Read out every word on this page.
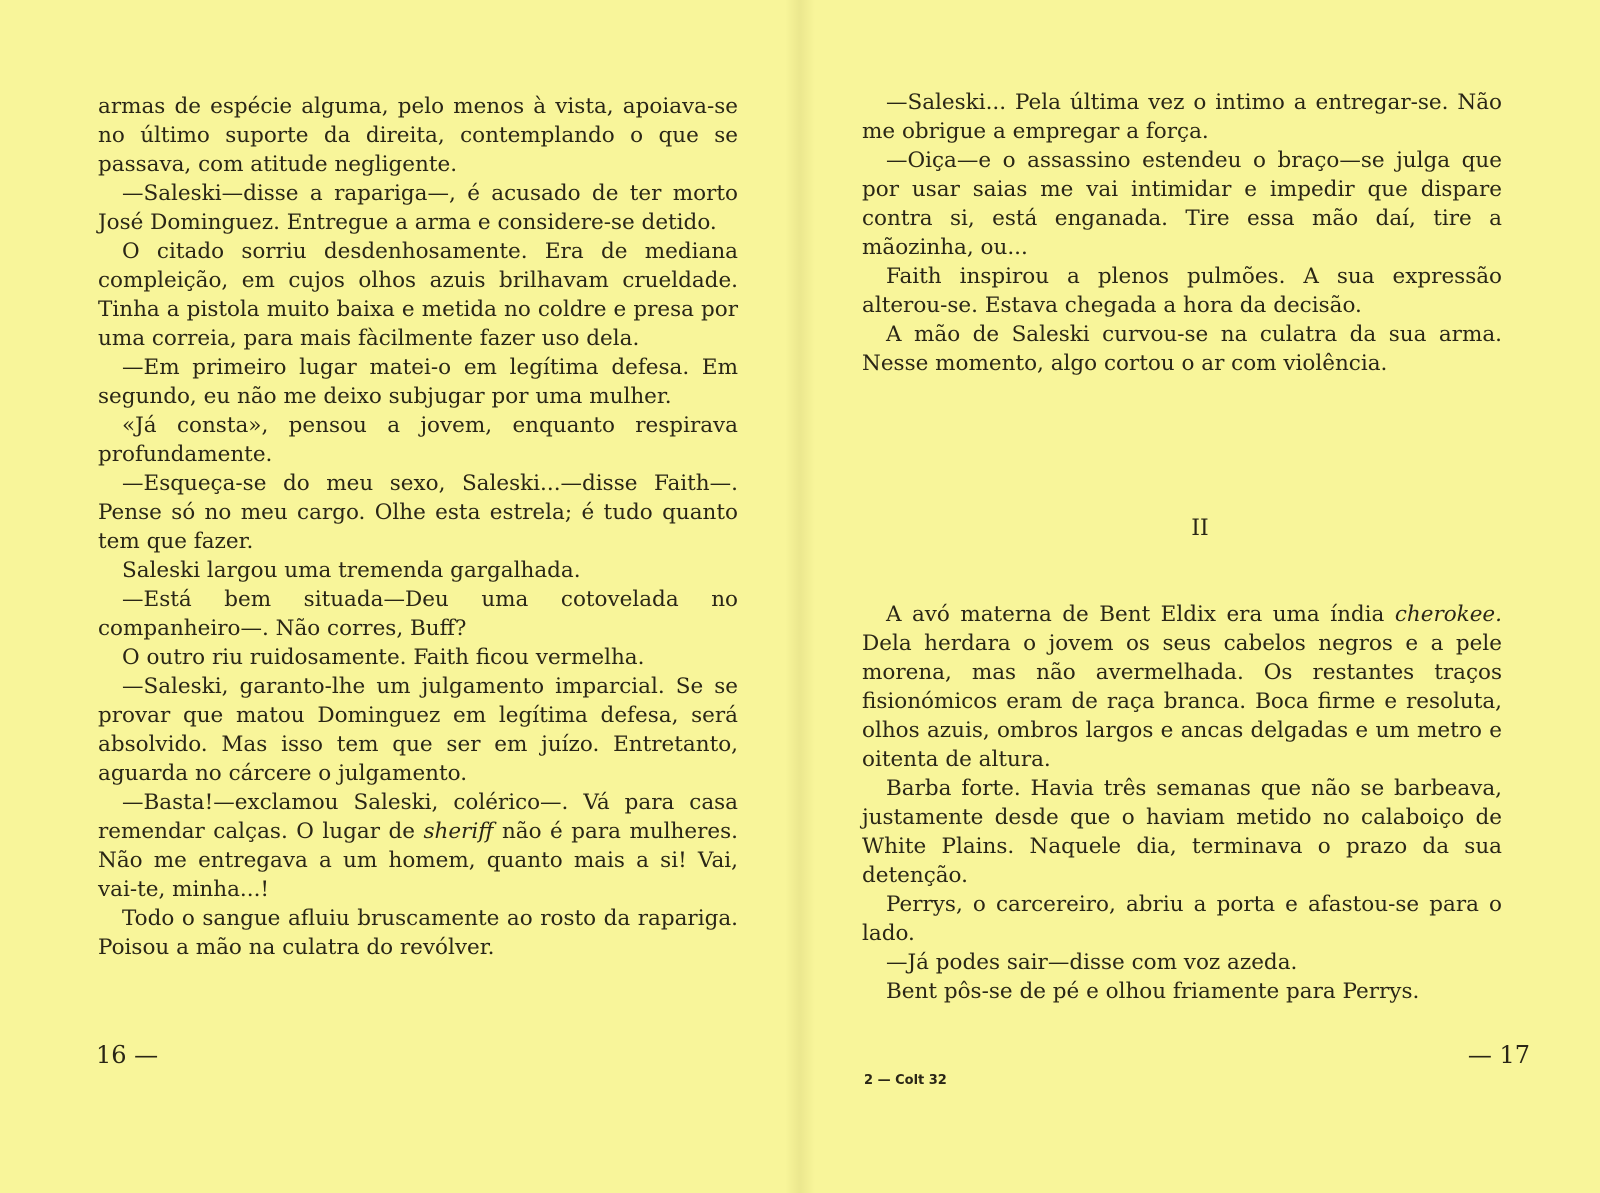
armas de espécie alguma, pelo menos à vista, apoiava-se no último suporte da direita, contemplando o que se passava, com atitude negligente.

—Saleski—disse a rapariga—, é acusado de ter morto José Dominguez. Entregue a arma e considere-se detido.

O citado sorriu desdenhosamente. Era de mediana compleição, em cujos olhos azuis brilhavam crueldade. Tinha a pistola muito baixa e metida no coldre e presa por uma correia, para mais fàcilmente fazer uso dela.

—Em primeiro lugar matei-o em legítima defesa. Em segundo, eu não me deixo subjugar por uma mulher.

«Já consta», pensou a jovem, enquanto respirava profundamente.

—Esqueça-se do meu sexo, Saleski...—disse Faith—. Pense só no meu cargo. Olhe esta estrela; é tudo quanto tem que fazer.

Saleski largou uma tremenda gargalhada.

—Está bem situada—Deu uma cotovelada no companheiro—. Não corres, Buff?

O outro riu ruidosamente. Faith ficou vermelha.

—Saleski, garanto-lhe um julgamento imparcial. Se se provar que matou Dominguez em legítima defesa, será absolvido. Mas isso tem que ser em juízo. Entretanto, aguarda no cárcere o julgamento.

—Basta!—exclamou Saleski, colérico—. Vá para casa remendar calças. O lugar de sheriff não é para mulheres. Não me entregava a um homem, quanto mais a si! Vai, vai-te, minha...!

Todo o sangue afluiu bruscamente ao rosto da rapariga. Poisou a mão na culatra do revólver.

16 —

—Saleski... Pela última vez o intimo a entregar-se. Não me obrigue a empregar a força.

—Oiça—e o assassino estendeu o braço—se julga que por usar saias me vai intimidar e impedir que dispare contra si, está enganada. Tire essa mão daí, tire a mãozinha, ou...

Faith inspirou a plenos pulmões. A sua expressão alterou-se. Estava chegada a hora da decisão.

A mão de Saleski curvou-se na culatra da sua arma. Nesse momento, algo cortou o ar com violência.

II

A avó materna de Bent Eldix era uma índia cherokee. Dela herdara o jovem os seus cabelos negros e a pele morena, mas não avermelhada. Os restantes traços fisionómicos eram de raça branca. Boca firme e resoluta, olhos azuis, ombros largos e ancas delgadas e um metro e oitenta de altura.

Barba forte. Havia três semanas que não se barbeava, justamente desde que o haviam metido no calaboiço de White Plains. Naquele dia, terminava o prazo da sua detenção.

Perrys, o carcereiro, abriu a porta e afastou-se para o lado.

—Já podes sair—disse com voz azeda.

Bent pôs-se de pé e olhou friamente para Perrys.

2 — Colt 32
— 17
